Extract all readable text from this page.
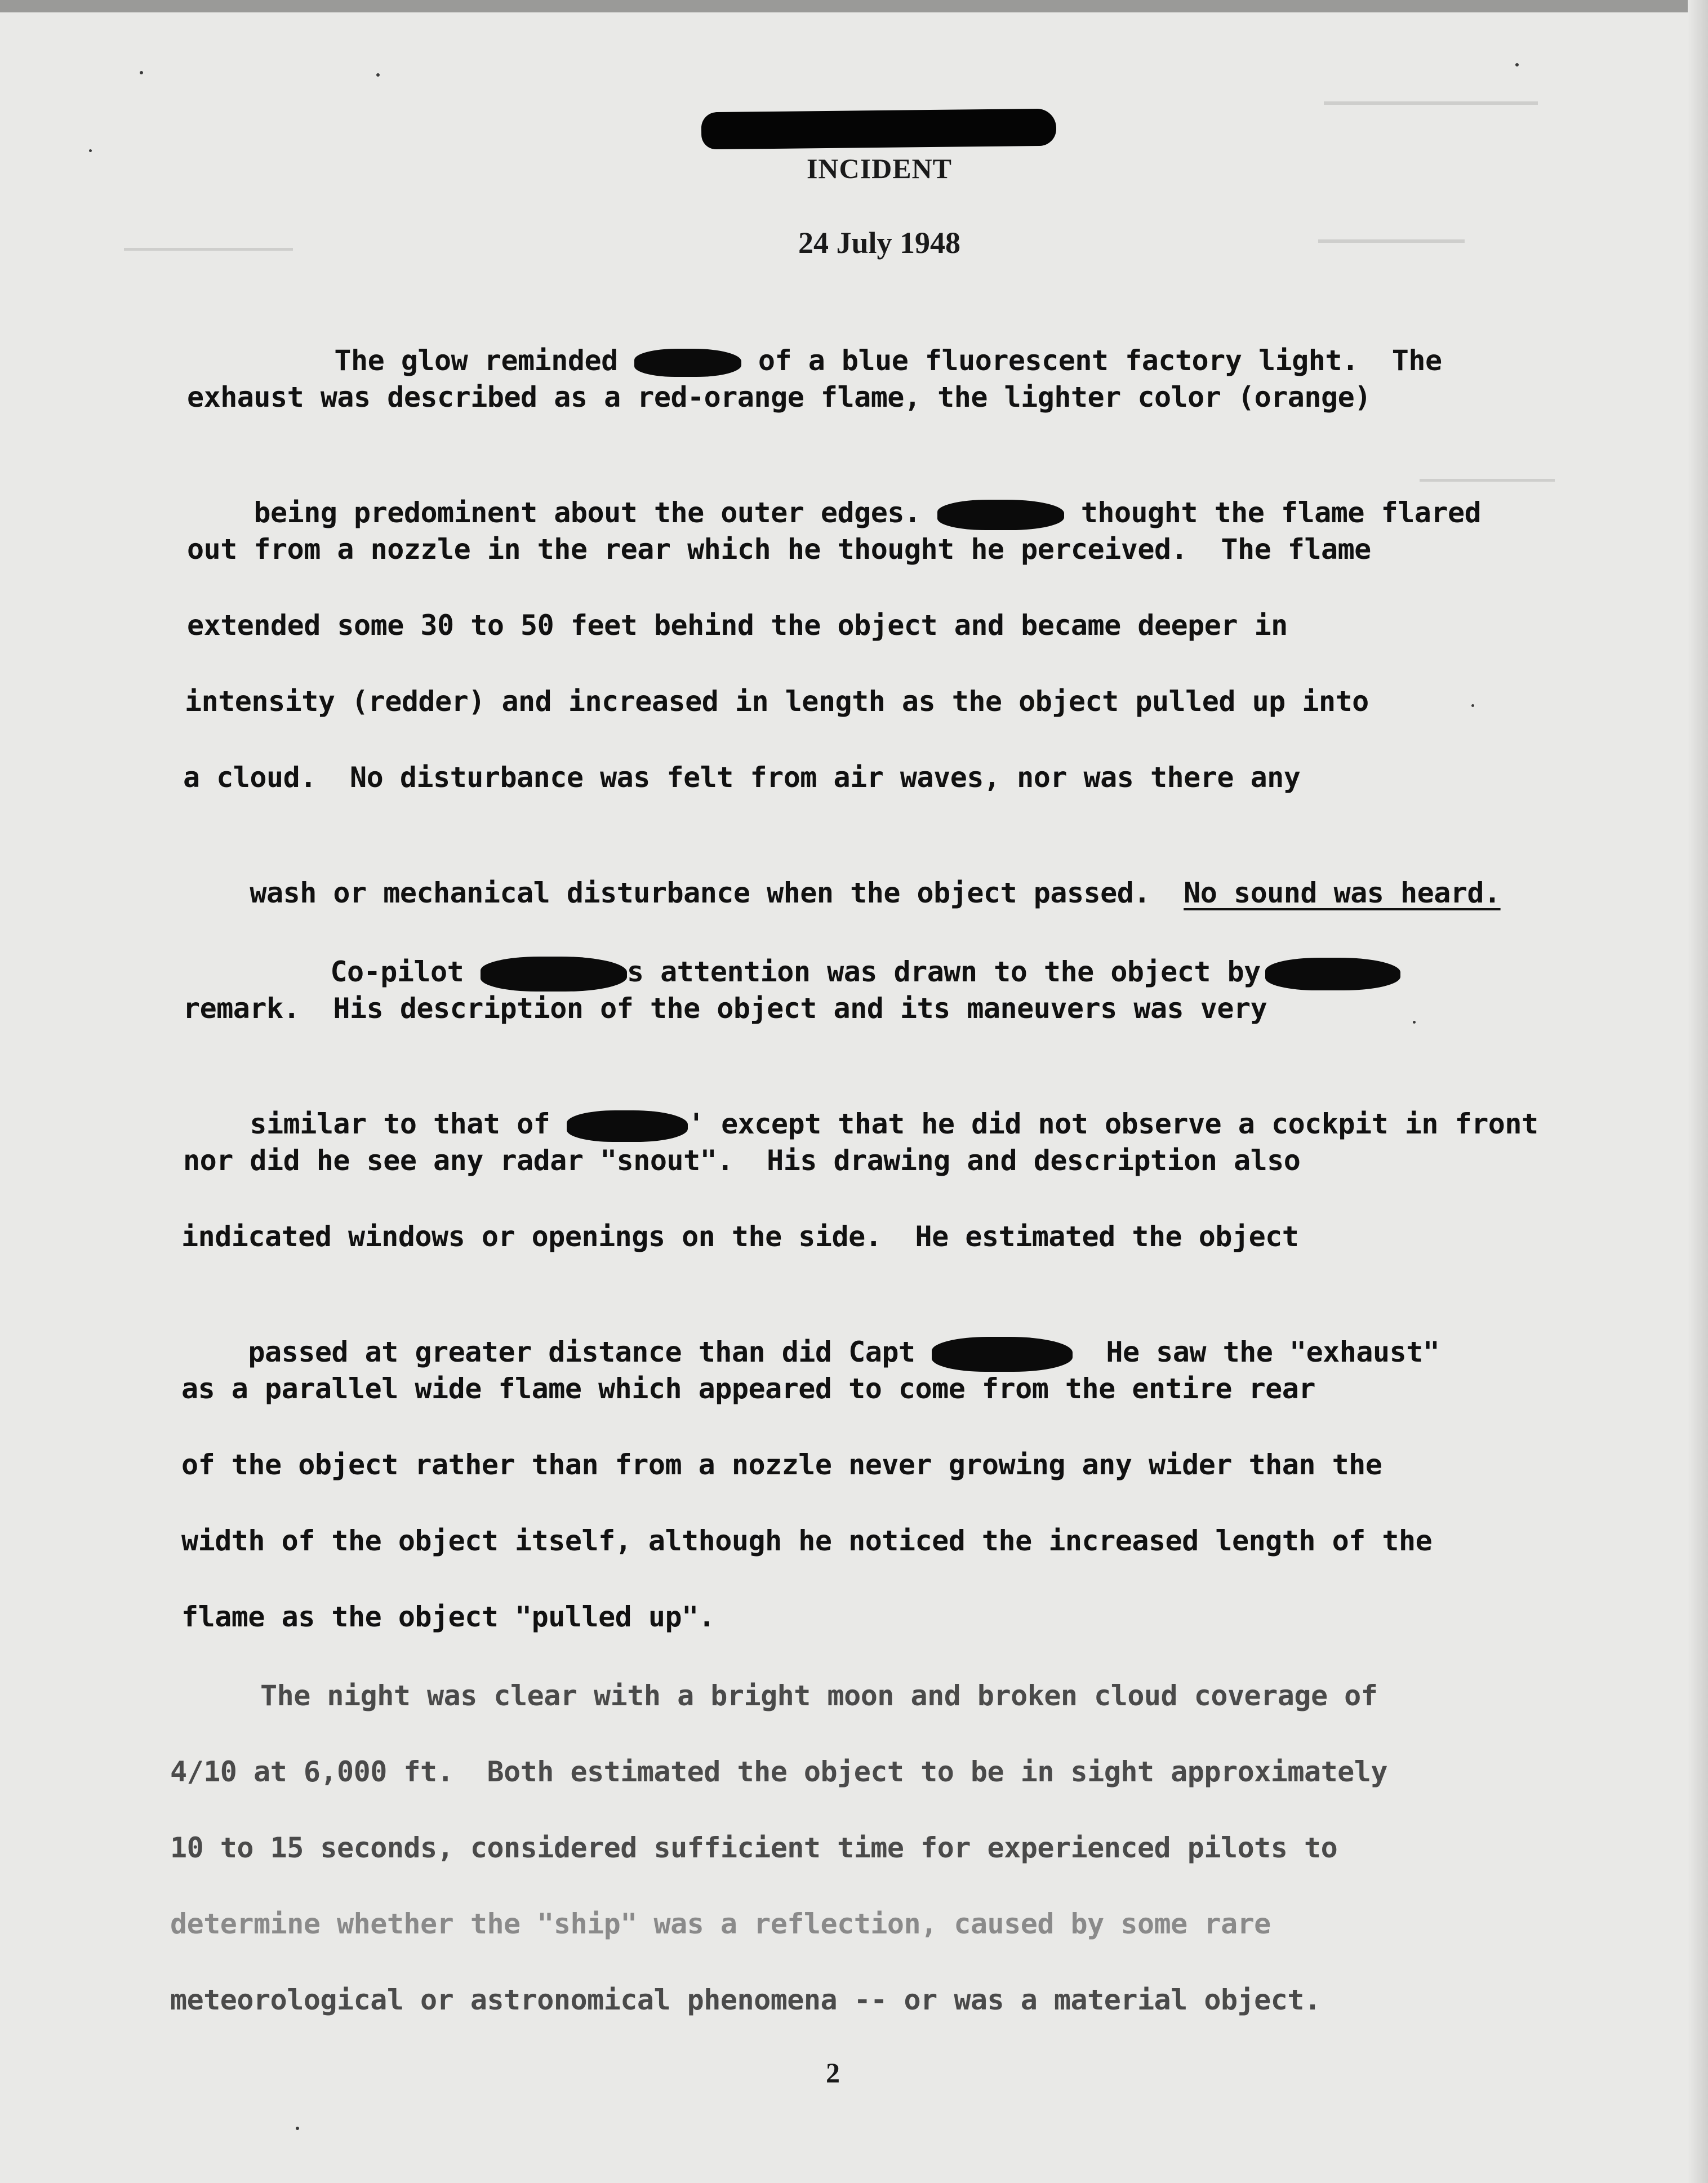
INCIDENT
24 July 1948

The glow reminded	of a blue fluorescent factory light.  The

exhaust was described as a red-orange flame, the lighter color (orange)

being predominent about the outer edges.	thought the flame flared

out from a nozzle in the rear which he thought he perceived.  The flame
extended some 30 to 50 feet behind the object and became deeper in
intensity (redder) and increased in length as the object pulled up into
a cloud.  No disturbance was felt from air waves, nor was there any

wash or mechanical disturbance when the object passed.  No sound was heard.

Co-pilot	s attention was drawn to the object by

remark.  His description of the object and its maneuvers was very

similar to that of	' except that he did not observe a cockpit in front

nor did he see any radar "snout".  His drawing and description also
indicated windows or openings on the side.  He estimated the object

passed at greater distance than did Capt	He saw the "exhaust"

as a parallel wide flame which appeared to come from the entire rear
of the object rather than from a nozzle never growing any wider than the
width of the object itself, although he noticed the increased length of the
flame as the object "pulled up".
The night was clear with a bright moon and broken cloud coverage of
4/10 at 6,000 ft.  Both estimated the object to be in sight approximately
10 to 15 seconds, considered sufficient time for experienced pilots to
determine whether the "ship" was a reflection, caused by some rare
meteorological or astronomical phenomena -- or was a material object.
2
